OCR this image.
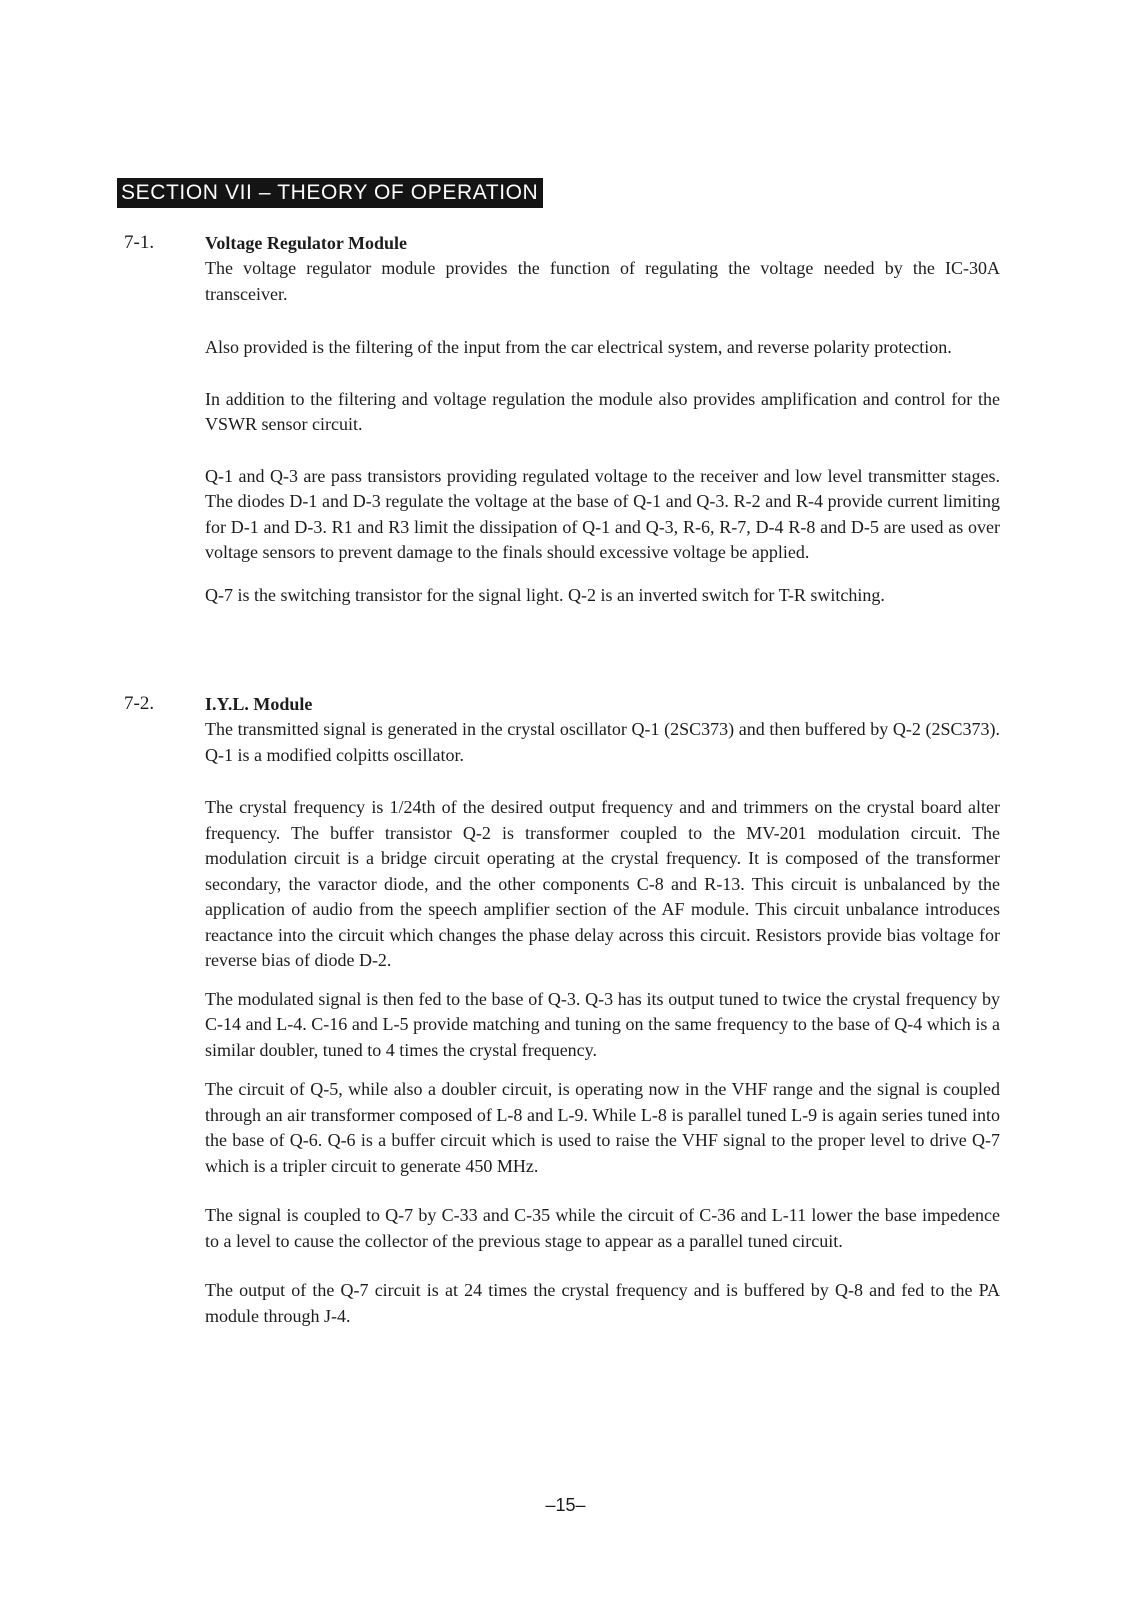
SECTION VII – THEORY OF OPERATION
7-1.	Voltage Regulator Module

The voltage regulator module provides the function of regulating the voltage needed by the IC-30A transceiver.

Also provided is the filtering of the input from the car electrical system, and reverse polarity protection.

In addition to the filtering and voltage regulation the module also provides amplification and control for the VSWR sensor circuit.

Q-1 and Q-3 are pass transistors providing regulated voltage to the receiver and low level transmitter stages. The diodes D-1 and D-3 regulate the voltage at the base of Q-1 and Q-3. R-2 and R-4 provide current limiting for D-1 and D-3. R1 and R3 limit the dissipation of Q-1 and Q-3, R-6, R-7, D-4 R-8 and D-5 are used as over voltage sensors to prevent damage to the finals should excessive voltage be applied.

Q-7 is the switching transistor for the signal light. Q-2 is an inverted switch for T-R switching.

7-2.	I.Y.L. Module

The transmitted signal is generated in the crystal oscillator Q-1 (2SC373) and then buffered by Q-2 (2SC373). Q-1 is a modified colpitts oscillator.

The crystal frequency is 1/24th of the desired output frequency and and trimmers on the crystal board alter frequency. The buffer transistor Q-2 is transformer coupled to the MV-201 modulation circuit. The modulation circuit is a bridge circuit operating at the crystal frequency. It is composed of the transformer secondary, the varactor diode, and the other components C-8 and R-13. This circuit is unbalanced by the application of audio from the speech amplifier section of the AF module. This circuit unbalance introduces reactance into the circuit which changes the phase delay across this circuit. Resistors provide bias voltage for reverse bias of diode D-2.

The modulated signal is then fed to the base of Q-3. Q-3 has its output tuned to twice the crystal frequency by C-14 and L-4. C-16 and L-5 provide matching and tuning on the same frequency to the base of Q-4 which is a similar doubler, tuned to 4 times the crystal frequency.

The circuit of Q-5, while also a doubler circuit, is operating now in the VHF range and the signal is coupled through an air transformer composed of L-8 and L-9. While L-8 is parallel tuned L-9 is again series tuned into the base of Q-6. Q-6 is a buffer circuit which is used to raise the VHF signal to the proper level to drive Q-7 which is a tripler circuit to generate 450 MHz.

The signal is coupled to Q-7 by C-33 and C-35 while the circuit of C-36 and L-11 lower the base impedence to a level to cause the collector of the previous stage to appear as a parallel tuned circuit.

The output of the Q-7 circuit is at 24 times the crystal frequency and is buffered by Q-8 and fed to the PA module through J-4.

–15–
